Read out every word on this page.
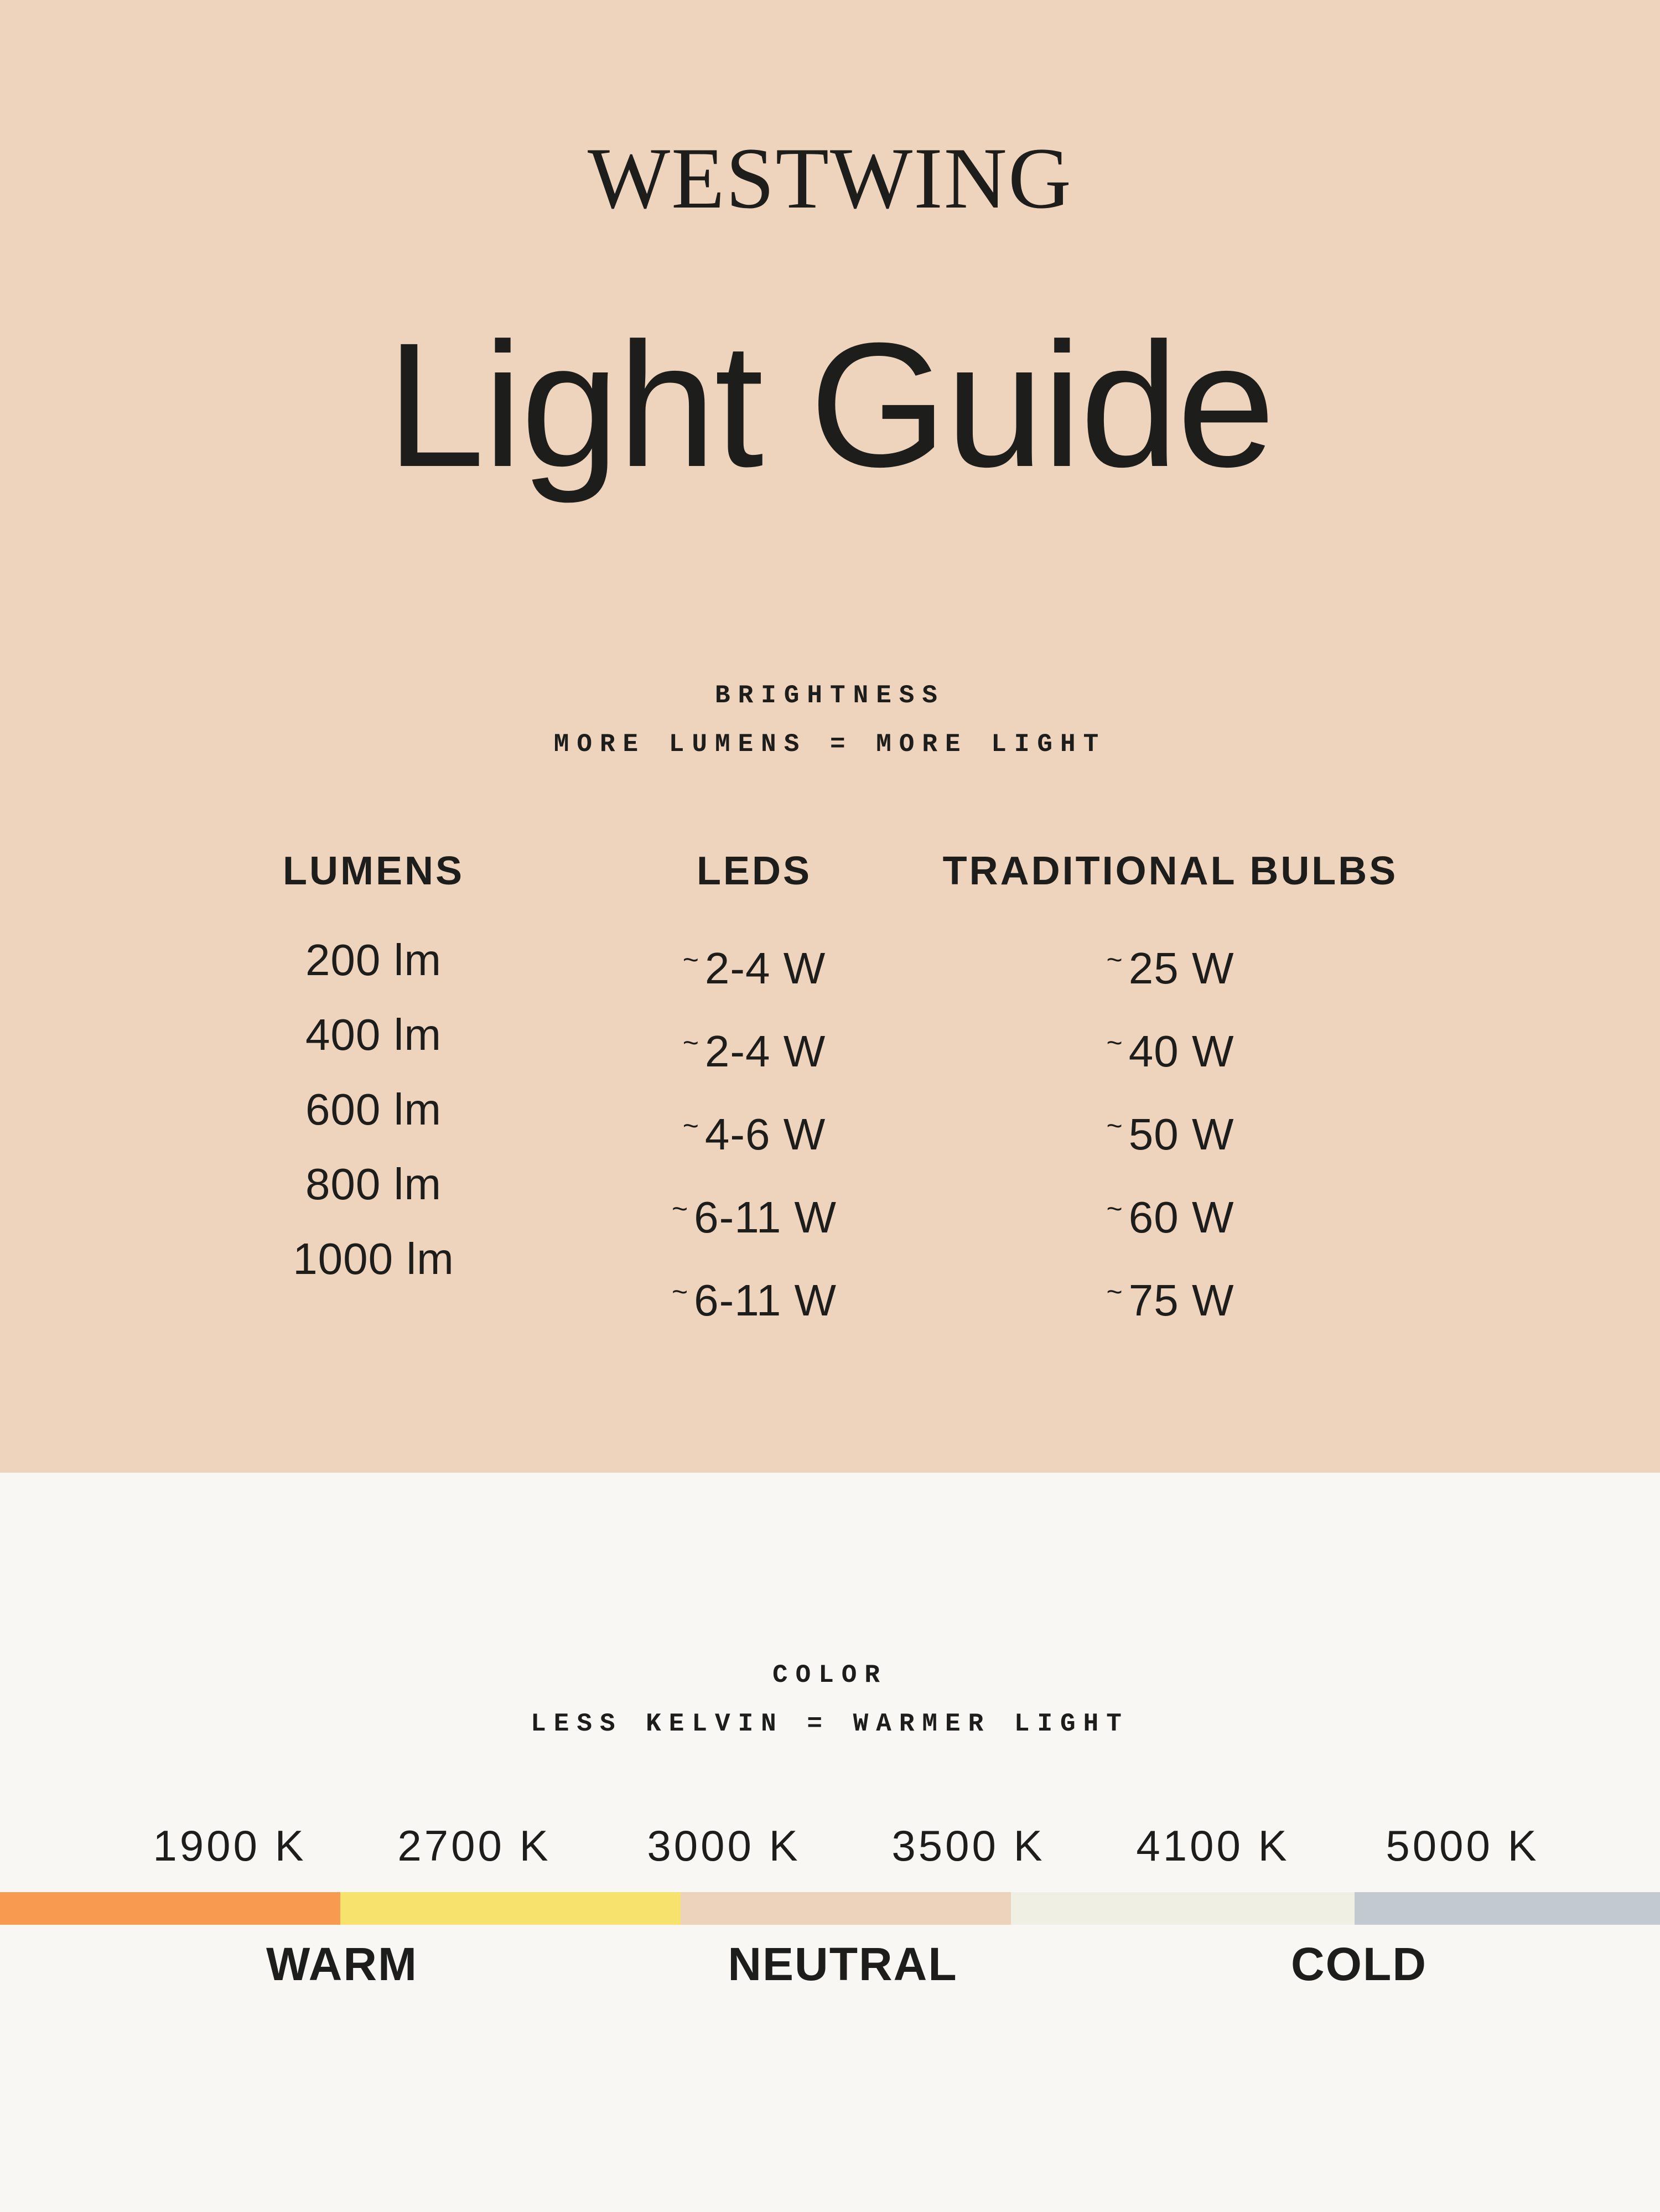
WESTWING
Light Guide
BRIGHTNESS
MORE LUMENS = MORE LIGHT
LUMENS
200 lm
400 lm
600 lm
800 lm
1000 lm
LEDS
~ 2-4 W
~ 2-4 W
~ 4-6 W
~ 6-11 W
~ 6-11 W
TRADITIONAL BULBS
~ 25 W
~ 40 W
~ 50 W
~ 60 W
~ 75 W
COLOR
LESS KELVIN = WARMER LIGHT
1900 K 2700 K 3000 K 3500 K 4100 K 5000 K
WARM	NEUTRAL	COLD
